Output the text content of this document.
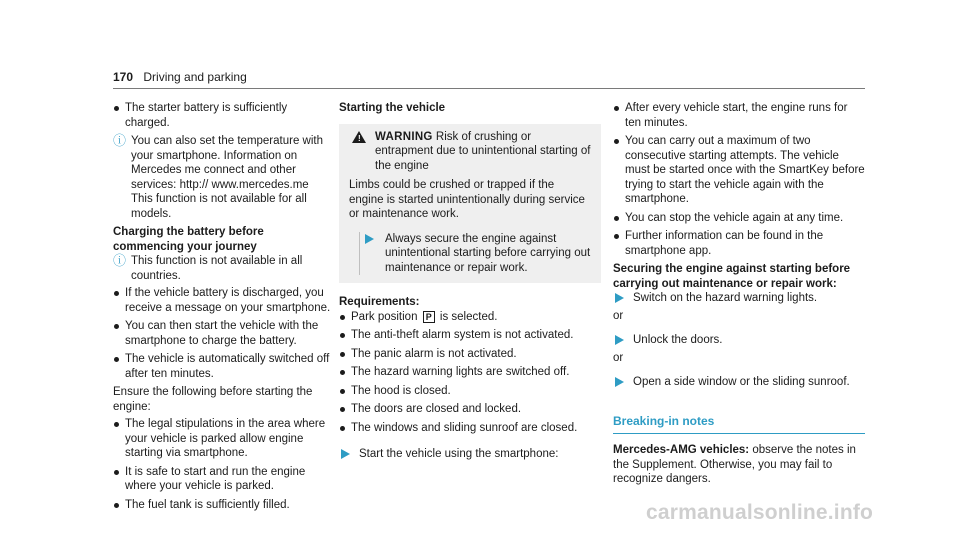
170 Driving and parking

The starter battery is sufficiently charged.

ⓘ You can also set the temperature with your smartphone. Information on Mercedes me connect and other services: http:// www.mercedes.me

This function is not available for all models.

Charging the battery before commencing your journey

ⓘ This function is not available in all countries.

If the vehicle battery is discharged, you receive a message on your smartphone.

You can then start the vehicle with the smartphone to charge the battery.

The vehicle is automatically switched off after ten minutes.

Ensure the following before starting the engine:

The legal stipulations in the area where your vehicle is parked allow engine starting via smartphone.

It is safe to start and run the engine where your vehicle is parked.

The fuel tank is sufficiently filled.

Starting the vehicle

! WARNING Risk of crushing or entrapment due to unintentional starting of the engine

Limbs could be crushed or trapped if the engine is started unintentionally during service or maintenance work.

Always secure the engine against unintentional starting before carrying out maintenance or repair work.

Requirements:

Park position P is selected.

The anti-theft alarm system is not activated.

The panic alarm is not activated.

The hazard warning lights are switched off.

The hood is closed.

The doors are closed and locked.

The windows and sliding sunroof are closed.

Start the vehicle using the smartphone:

After every vehicle start, the engine runs for ten minutes.

You can carry out a maximum of two consecutive starting attempts. The vehicle must be started once with the SmartKey before trying to start the vehicle again with the smartphone.

You can stop the vehicle again at any time.

Further information can be found in the smartphone app.

Securing the engine against starting before carrying out maintenance or repair work:

Switch on the hazard warning lights.

or

Unlock the doors.

or

Open a side window or the sliding sunroof.

Breaking-in notes

Mercedes-AMG vehicles: observe the notes in the Supplement. Otherwise, you may fail to recognize dangers.

carmanualsonline.info
